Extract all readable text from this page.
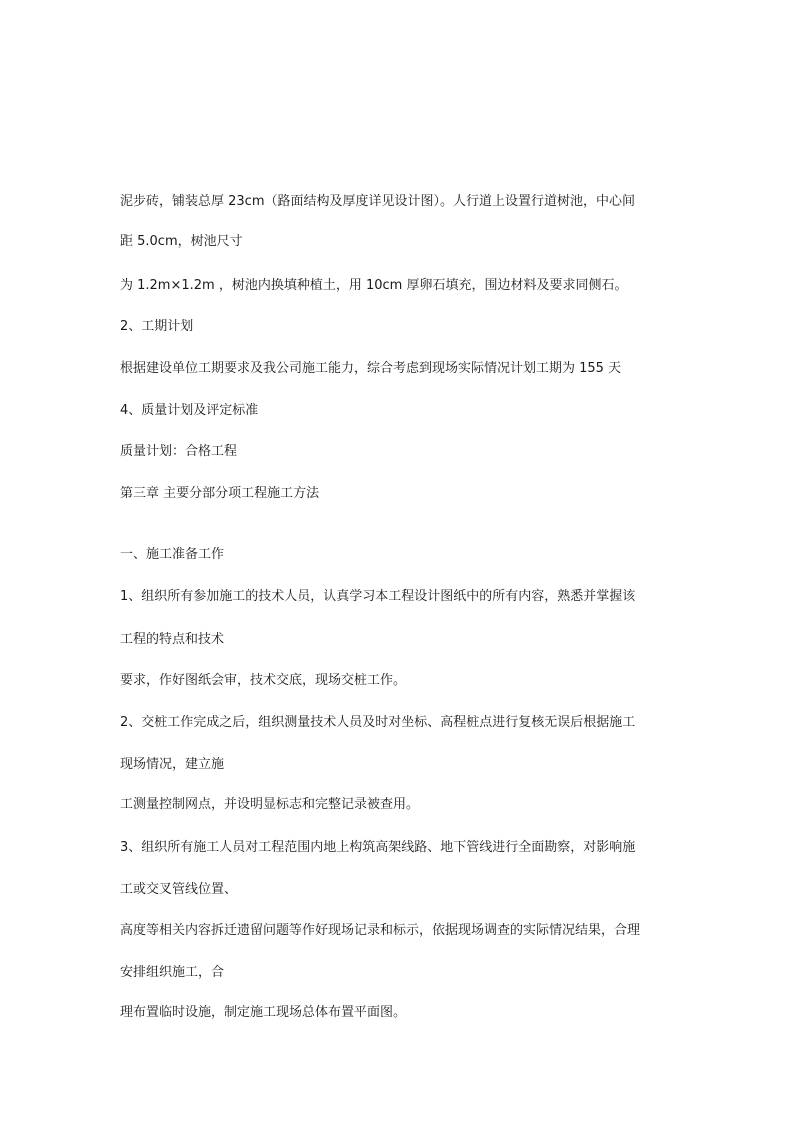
泥步砖，铺装总厚 23cm（路面结构及厚度详见设计图）。人行道上设置行道树池，中心间
距 5.0cm，树池尺寸
为 1.2m×1.2m ，树池内换填种植土，用 10cm 厚卵石填充，围边材料及要求同侧石。
2、工期计划
根据建设单位工期要求及我公司施工能力，综合考虑到现场实际情况计划工期为 155 天
4、质量计划及评定标准
质量计划：合格工程
第三章 主要分部分项工程施工方法
一、施工准备工作
1、组织所有参加施工的技术人员，认真学习本工程设计图纸中的所有内容，熟悉并掌握该
工程的特点和技术
要求，作好图纸会审，技术交底，现场交桩工作。
2、交桩工作完成之后，组织测量技术人员及时对坐标、高程桩点进行复核无误后根据施工
现场情况，建立施
工测量控制网点，并设明显标志和完整记录被查用。
3、组织所有施工人员对工程范围内地上构筑高架线路、地下管线进行全面勘察，对影响施
工或交叉管线位置、
高度等相关内容拆迁遗留问题等作好现场记录和标示，依据现场调查的实际情况结果，合理
安排组织施工，合
理布置临时设施，制定施工现场总体布置平面图。
